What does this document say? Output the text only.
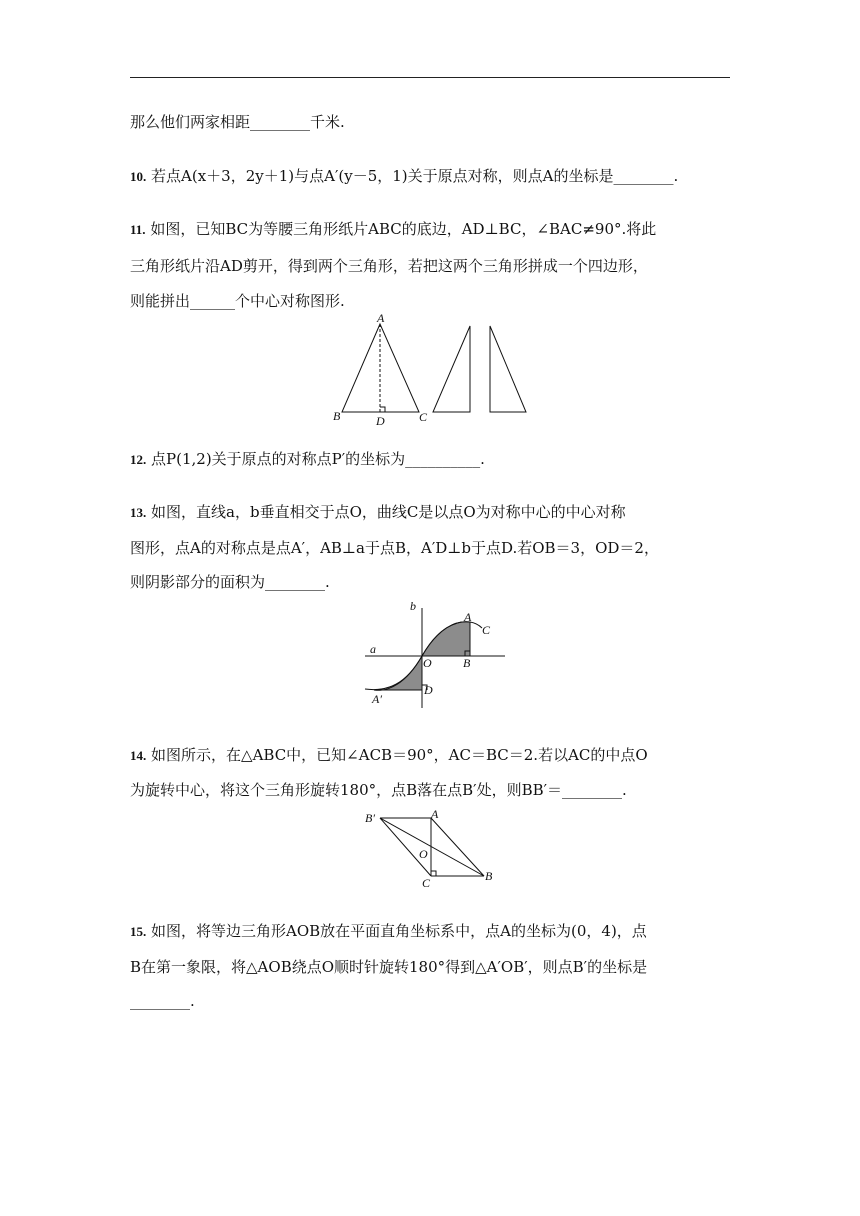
那么他们两家相距________千米.
10. 若点A(x＋3，2y＋1)与点A′(y－5，1)关于原点对称，则点A的坐标是________.
11. 如图，已知BC为等腰三角形纸片ABC的底边，AD⊥BC，∠BAC≠90°.将此
三角形纸片沿AD剪开，得到两个三角形，若把这两个三角形拼成一个四边形，
则能拼出______个中心对称图形.
A
B	D	C
12. 点P(1,2)关于原点的对称点P′的坐标为__________.
13. 如图，直线a，b垂直相交于点O，曲线C是以点O为对称中心的中心对称
图形，点A的对称点是点A′，AB⊥a于点B，A′D⊥b于点D.若OB＝3，OD＝2，
则阴影部分的面积为________.
b
a
O
A
C
B
D
A′
14. 如图所示，在△ABC中，已知∠ACB＝90°，AC＝BC＝2.若以AC的中点O
为旋转中心，将这个三角形旋转180°，点B落在点B′处，则BB′＝________.
B′	A
O
C	B
15. 如图，将等边三角形AOB放在平面直角坐标系中，点A的坐标为(0，4)，点
B在第一象限，将△AOB绕点O顺时针旋转180°得到△A′OB′，则点B′的坐标是
________.
